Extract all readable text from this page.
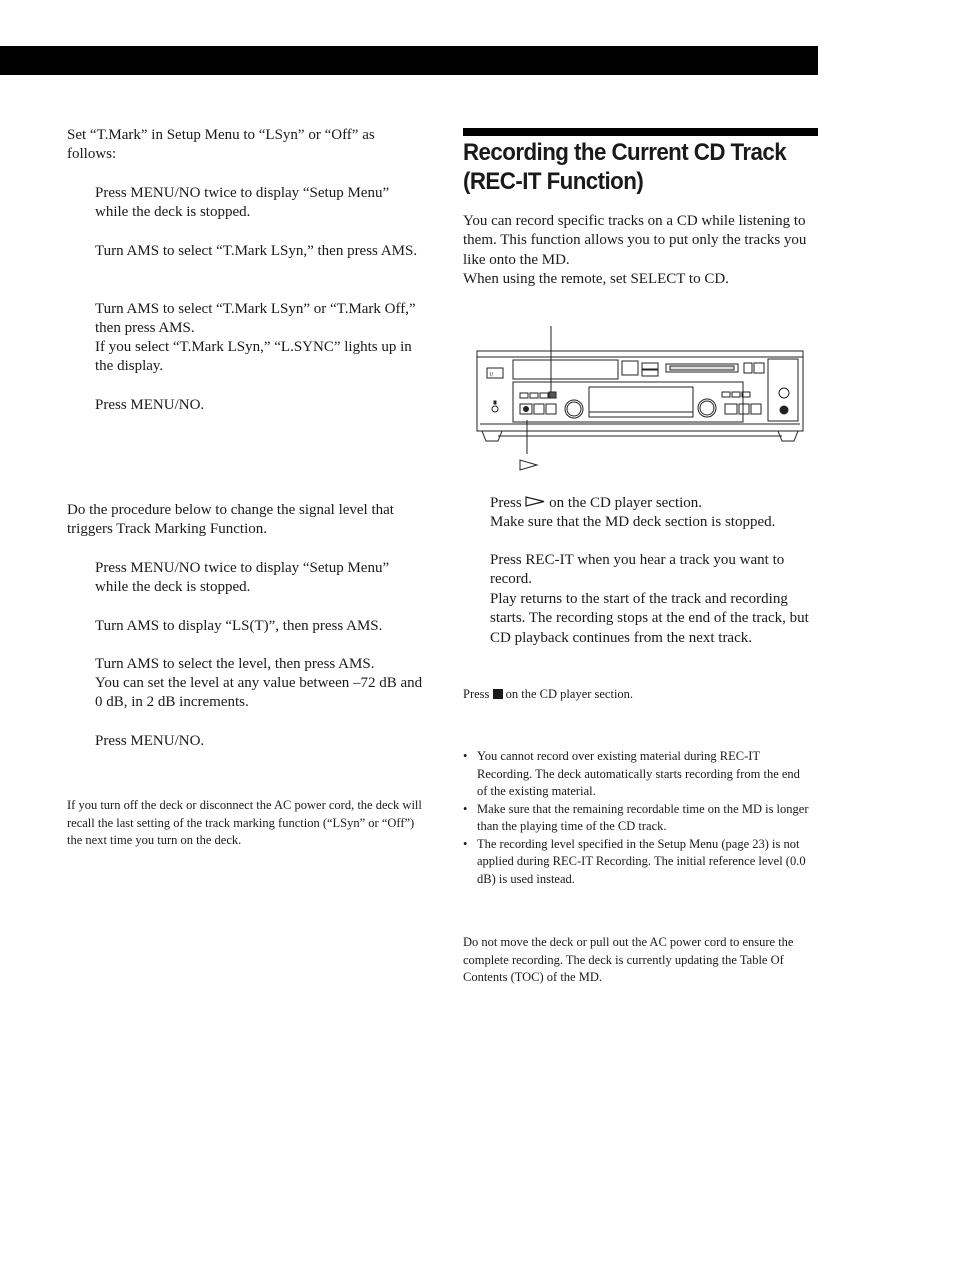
Set “T.Mark” in Setup Menu to “LSyn” or “Off” as follows:

Press MENU/NO twice to display “Setup Menu” while the deck is stopped.

Turn AMS to select “T.Mark LSyn,” then press AMS.

Turn AMS to select “T.Mark LSyn” or “T.Mark Off,” then press AMS.

If you select “T.Mark LSyn,” “L.SYNC” lights up in the display.

Press MENU/NO.

Do the procedure below to change the signal level that triggers Track Marking Function.

Press MENU/NO twice to display “Setup Menu” while the deck is stopped.

Turn AMS to display “LS(T)”, then press AMS.

Turn AMS to select the level, then press AMS.

You can set the level at any value between –72 dB and 0 dB, in 2 dB increments.

Press MENU/NO.

If you turn off the deck or disconnect the AC power cord, the deck will recall the last setting of the track marking function (“LSyn” or “Off”) the next time you turn on the deck.

Recording the Current CD Track (REC-IT Function)

You can record specific tracks on a CD while listening to them. This function allows you to put only the tracks you like onto the MD.

When using the remote, set SELECT to CD.

I/

Press on the CD player section.

Make sure that the MD deck section is stopped.

Press REC-IT when you hear a track you want to record.

Play returns to the start of the track and recording starts. The recording stops at the end of the track, but CD playback continues from the next track.

Press on the CD player section.

• You cannot record over existing material during REC-IT Recording. The deck automatically starts recording from the end of the existing material.
• Make sure that the remaining recordable time on the MD is longer than the playing time of the CD track.
• The recording level specified in the Setup Menu (page 23) is not applied during REC-IT Recording. The initial reference level (0.0 dB) is used instead.

Do not move the deck or pull out the AC power cord to ensure the complete recording. The deck is currently updating the Table Of Contents (TOC) of the MD.
